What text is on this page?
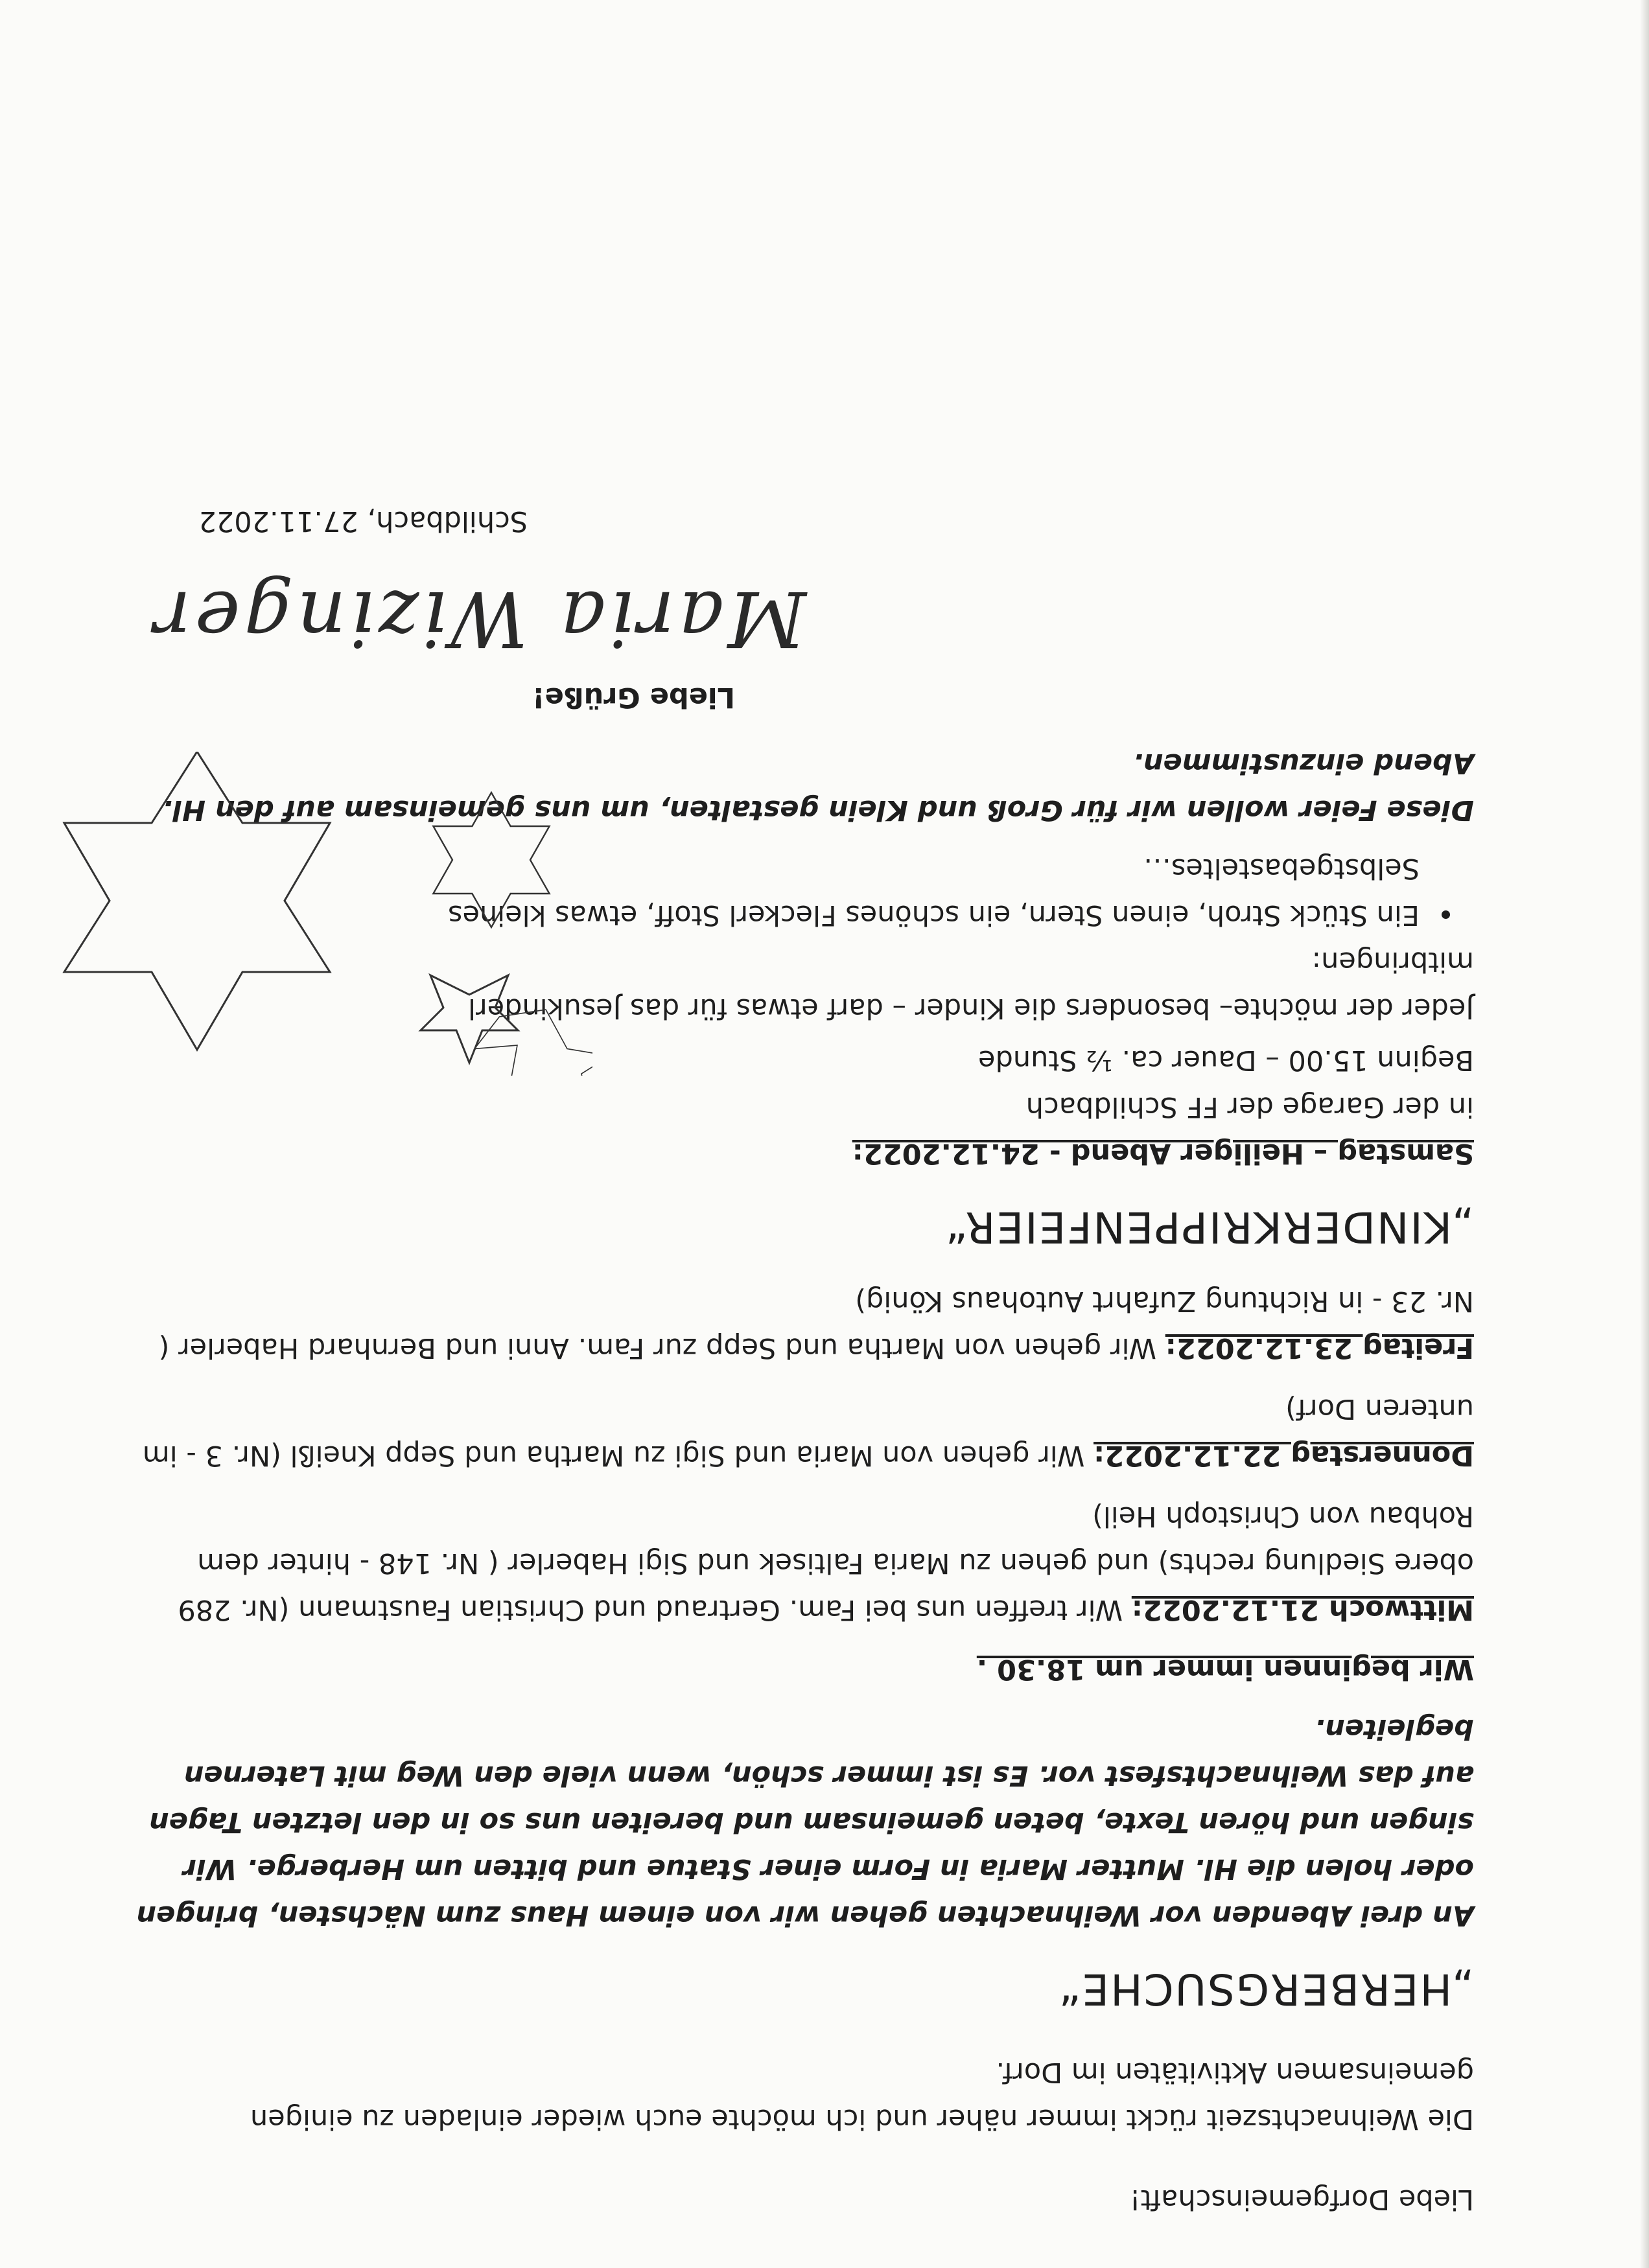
Liebe Dorfgemeinschaft!

Die Weihnachtszeit rückt immer näher und ich möchte euch wieder einladen zu einigen gemeinsamen Aktivitäten im Dorf.

„HERBERGSUCHE“

An drei Abenden vor Weihnachten gehen wir von einem Haus zum Nächsten, bringen oder holen die Hl. Mutter Maria in Form einer Statue und bitten um Herberge. Wir singen und hören Texte, beten gemeinsam und bereiten uns so in den letzten Tagen auf das Weihnachtsfest vor. Es ist immer schön, wenn viele den Weg mit Laternen begleiten.

Wir beginnen immer um 18.30 .

Mittwoch 21.12.2022: Wir treffen uns bei Fam. Gertraud und Christian Faustmann (Nr. 289 obere Siedlung rechts) und gehen zu Maria Faltisek und Sigi Haberler ( Nr. 148 - hinter dem Rohbau von Christoph Heil)

Donnerstag 22.12.2022: Wir gehen von Maria und Sigi zu Martha und Sepp Kneißl (Nr. 3 - im unteren Dorf)

Freitag 23.12.2022: Wir gehen von Martha und Sepp zur Fam. Anni und Bernhard Haberler ( Nr. 23 - in Richtung Zufahrt Autohaus König)

„KINDERKRIPPENFEIER“

Samstag – Heiliger Abend - 24.12.2022:

in der Garage der FF Schildbach

Beginn 15.00 – Dauer ca. ½ Stunde

Jeder der möchte– besonders die Kinder – darf etwas für das Jesukinderl mitbringen:

• Ein Stück Stroh, einen Stern, ein schönes Fleckerl Stoff, etwas kleines Selbstgebasteltes…

Diese Feier wollen wir für Groß und Klein gestalten, um uns gemeinsam auf den Hl. Abend einzustimmen.

Liebe Grüße!

Maria Wizinger

Schildbach, 27.11.2022
